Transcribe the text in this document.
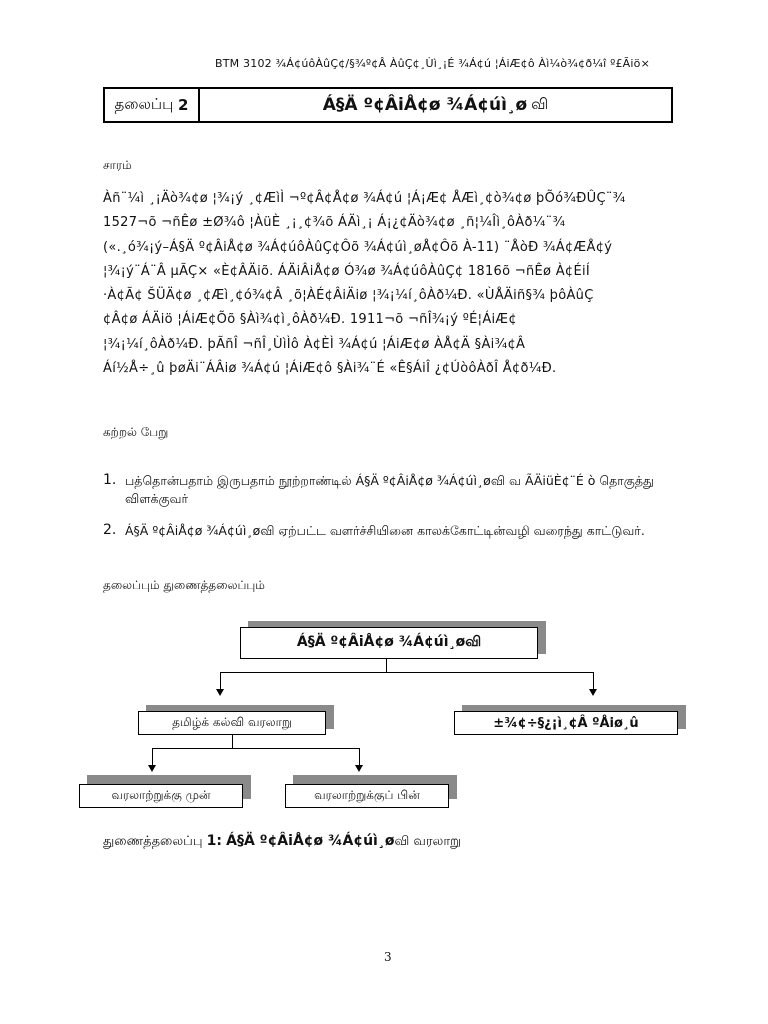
BTM 3102 ¾Á¢úôÀûÇ¢/§¾º¢Â ÀûÇ¢¸Ùì¸¡É ¾Á¢ú ¦ÁiÆ¢ô Àì¼ò¾¢ð¼î º£Ãiö×
தலைப்பு
2	Á§Ä º¢ÂiÅ¢ø ¾Á¢úì¸ø வி
சாரம்
Àñ¨¼ì ¸¡Äò¾¢ø ¦¾¡ý ¸¢ÆìÌ ¬º¢Â¢Å¢ø ¾Á¢ú ¦Á¡Æ¢ ÅÆì¸¢ò¾¢ø þÕó¾ÐÛÇ¨¾
1527¬õ ¬ñÊø ±Ø¾ô ¦ÀüÈ ¸¡¸¢¾õ ÁÄì¸¡ Á¡¿¢Äò¾¢ø ¸ñ¦¼Îì¸ôÀð¼¨¾
(«.¸ó¾¡ý–Á§Ä º¢ÂiÅ¢ø ¾Á¢úôÀûÇ¢Ôõ ¾Á¢úì¸øÅ¢Ôõ À-11) ¨ÅòÐ ¾Á¢ÆÅ¢ý
¦¾¡ý¨Á¨Â µÃÇ× «È¢ÂÄiõ. ÁÄiÂiÅ¢ø Ó¾ø ¾Á¢úôÀûÇ¢ 1816õ ¬ñÊø À¢ÉiÍ
·À¢Ã¢ ŠÜÄ¢ø ¸¢Æì¸¢ó¾¢Â ¸õ¦ÀÉ¢ÂiÄiø ¦¾¡¼í¸ôÀð¼Ð. «ÙÅÄiñ§¾ þôÀûÇ
¢Â¢ø ÁÄiö ¦ÁiÆ¢Õõ §Àì¾¢ì¸ôÀð¼Ð. 1911¬õ ¬ñÎ¾¡ý ºÉ¦ÁiÆ¢
¦¾¡¼í¸ôÀð¼Ð. þÃñÎ ¬ñÎ¸ÙìÌô À¢ÈÌ ¾Á¢ú ¦ÁiÆ¢ø ÀÅ¢Ä §Ài¾¢Â
Áí½Å÷¸û þøÄi¨ÁÂiø ¾Á¢ú ¦ÁiÆ¢ô §Ài¾¨É «Ê§ÁiÎ ¿¢ÚòôÀðÎ Å¢ð¼Ð.
கற்றல் பேறு
1. பத்தொன்பதாம் இருபதாம் நூற்றாண்டில் Á§Ä º¢ÂiÅ¢ø ¾Á¢úì¸øவி வ ÃÄiüÈ¢¨É ò தொகுத்து விளக்குவர்
2. Á§Ä º¢ÂiÅ¢ø ¾Á¢úì¸øவி ஏற்பட்ட வளர்ச்சியினை காலக்கோட்டின்வழி வரைந்து காட்டுவர்.
தலைப்பும் துணைத்தலைப்பும்
Á§Ä º¢ÂiÅ¢ø ¾Á¢úì¸øவி
தமிழ்க் கல்வி வரலாறு	±¾¢÷§¿¡ì¸¢Â ºÅiø¸û
வரலாற்றுக்கு முன்	வரலாற்றுக்குப் பின்
துணைத்தலைப்பு 1: Á§Ä º¢ÂiÅ¢ø ¾Á¢úì¸øவி வரலாறு
3
